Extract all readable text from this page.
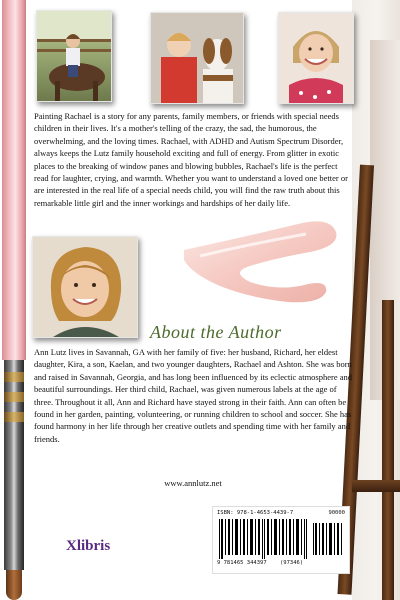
Painting Rachael is a story for any parents, family members, or friends with special needs children in their lives. It's a mother's telling of the crazy, the sad, the humorous, the overwhelming, and the loving times. Rachael, with ADHD and Autism Spectrum Disorder, always keeps the Lutz family household exciting and full of energy. From glitter in exotic places to the breaking of window panes and blowing bubbles, Rachael's life is the perfect read for laughter, crying, and warmth. Whether you want to understand a loved one better or are interested in the real life of a special needs child, you will find the raw truth about this remarkable little girl and the inner workings and hardships of her daily life.

About the Author

Ann Lutz lives in Savannah, GA with her family of five: her husband, Richard, her eldest daughter, Kira, a son, Kaelan, and two younger daughters, Rachael and Ashton. She was born and raised in Savannah, Georgia, and has long been influenced by its eclectic atmosphere and beautiful surroundings. Her third child, Rachael, was given numerous labels at the age of three. Throughout it all, Ann and Richard have stayed strong in their faith. Ann can often be found in her garden, painting, volunteering, or running children to school and soccer. She has found harmony in her life through her creative outlets and spending time with her family and friends.

www.annlutz.net
Xlibris
ISBN: 978-1-4653-4439-7	90000
9 781465 344397 (97346)
